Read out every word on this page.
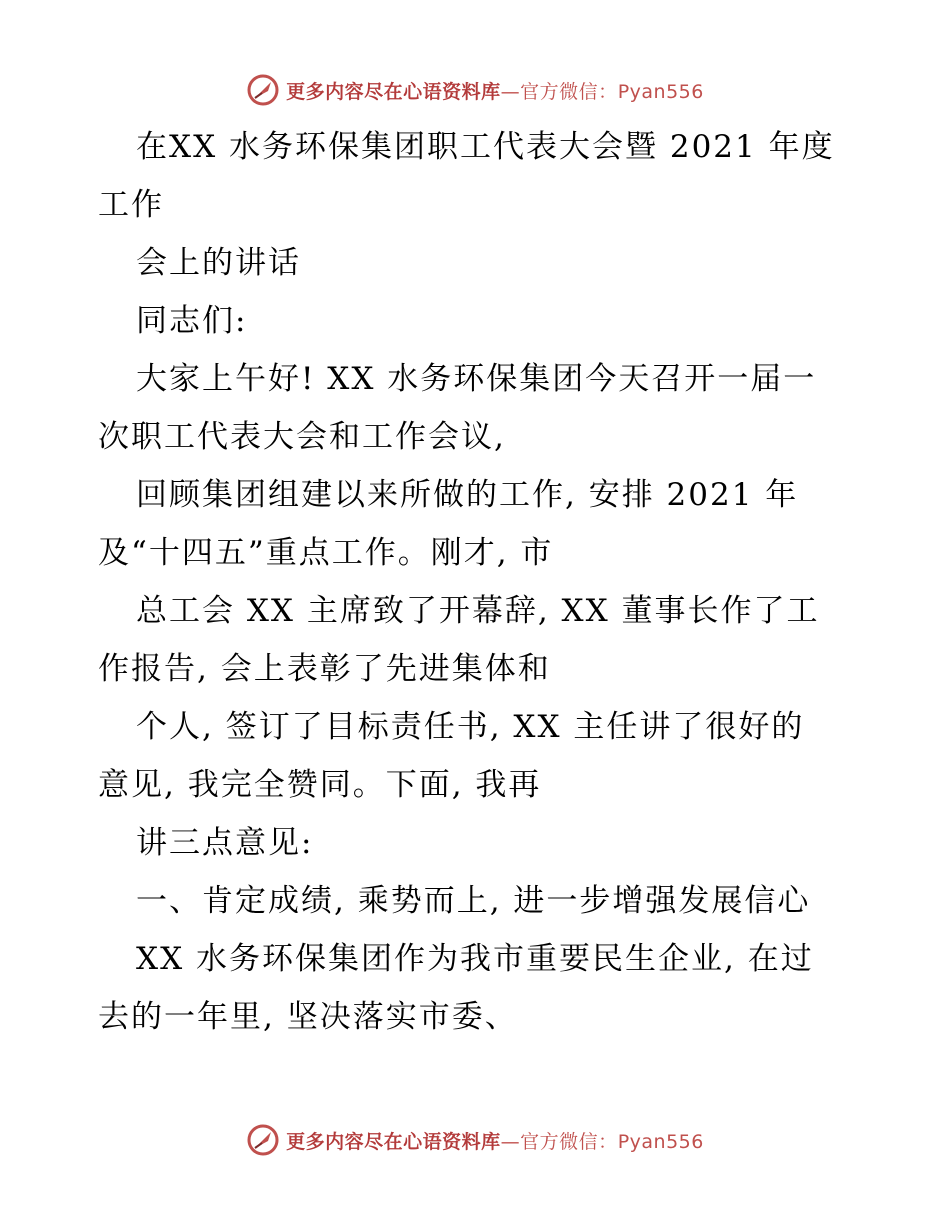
更多内容尽在心语资料库—官方微信：Pyan556
在XX 水务环保集团职工代表大会暨 2021 年度
工作
会上的讲话
同志们:
大家上午好! XX 水务环保集团今天召开一届一
次职工代表大会和工作会议,
回顾集团组建以来所做的工作, 安排 2021 年
及“十四五”重点工作。刚才, 市
总工会 XX 主席致了开幕辞, XX 董事长作了工
作报告, 会上表彰了先进集体和
个人, 签订了目标责任书, XX 主任讲了很好的
意见, 我完全赞同。下面, 我再
讲三点意见:
一、肯定成绩, 乘势而上, 进一步增强发展信心
XX 水务环保集团作为我市重要民生企业, 在过
去的一年里, 坚决落实市委、
更多内容尽在心语资料库—官方微信：Pyan556
